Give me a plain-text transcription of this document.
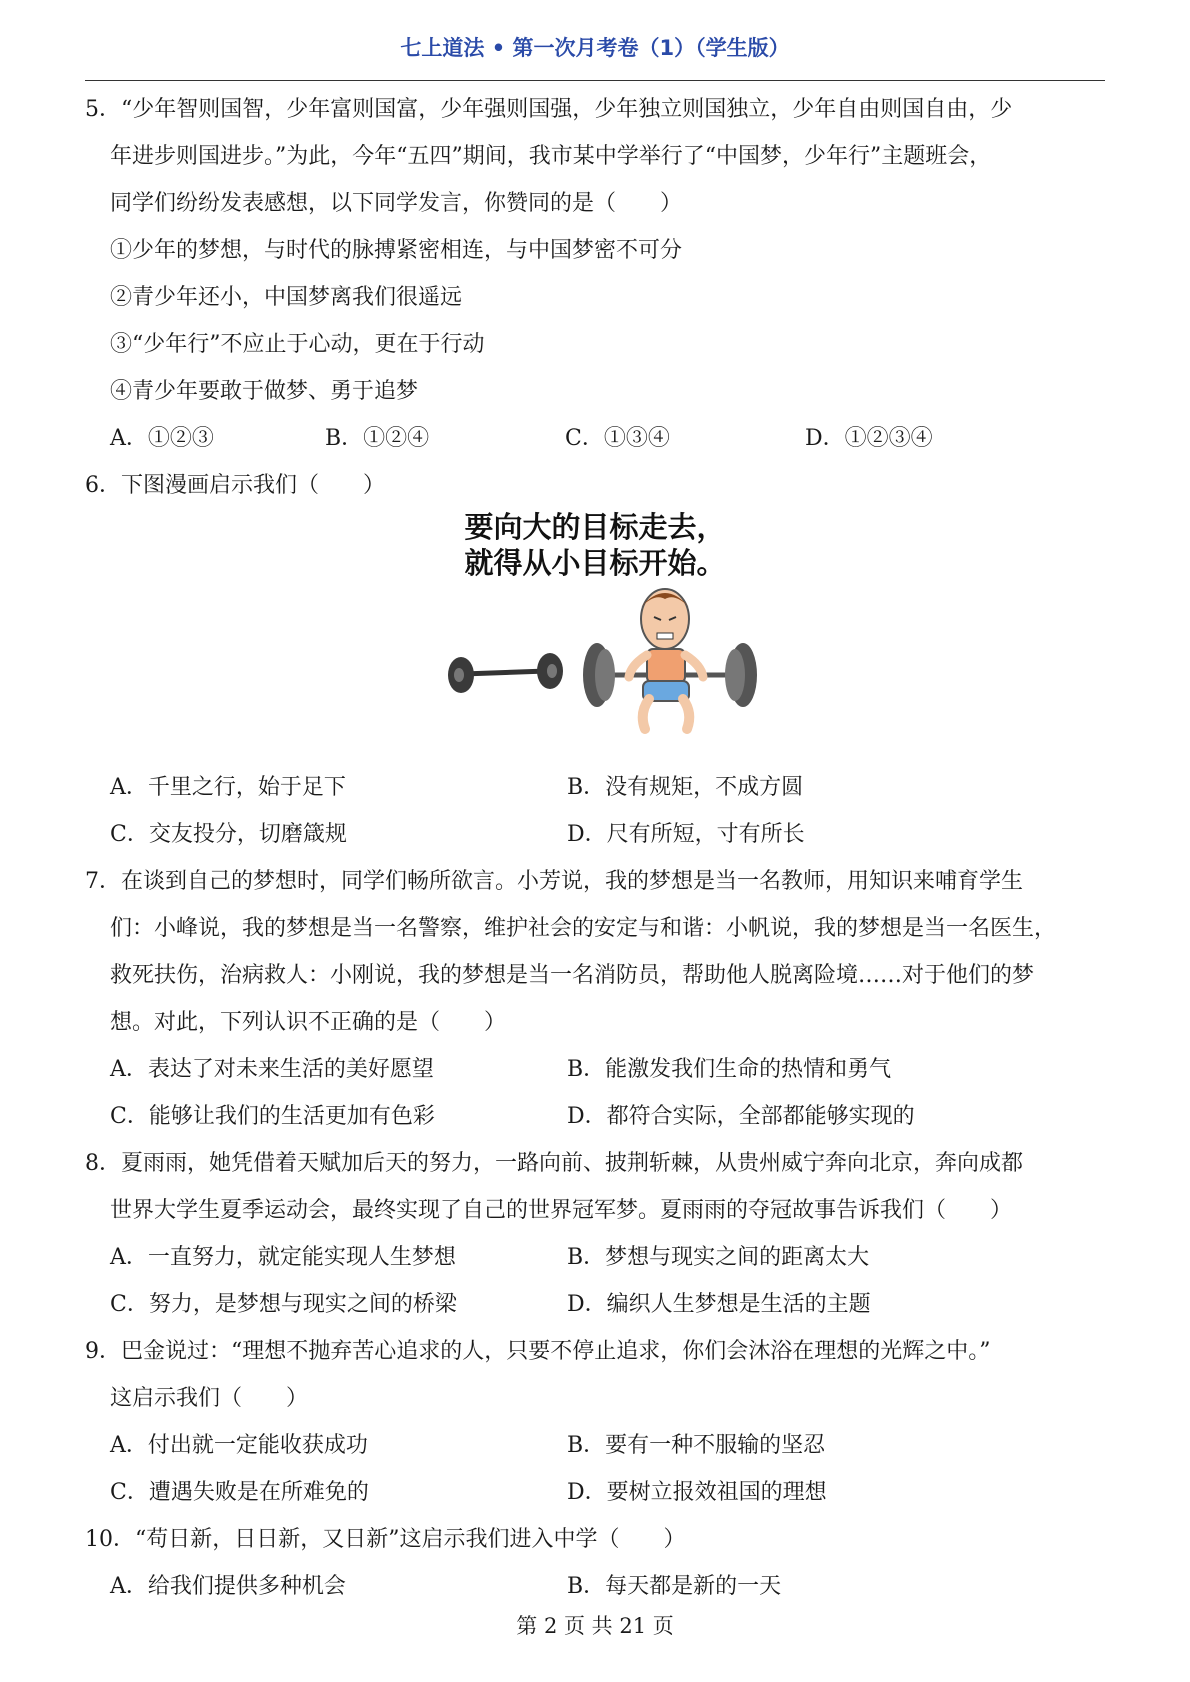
七上道法 • 第一次月考卷（1）（学生版）
5．“少年智则国智，少年富则国富，少年强则国强，少年独立则国独立，少年自由则国自由，少
年进步则国进步。”为此，今年“五四”期间，我市某中学举行了“中国梦，少年行”主题班会，
同学们纷纷发表感想，以下同学发言，你赞同的是（　　）
①少年的梦想，与时代的脉搏紧密相连，与中国梦密不可分
②青少年还小，中国梦离我们很遥远
③“少年行”不应止于心动，更在于行动
④青少年要敢于做梦、勇于追梦
A．①②③	B．①②④	C．①③④	D．①②③④
6．下图漫画启示我们（　　）
要向大的目标走去，
就得从小目标开始。
A．千里之行，始于足下	B．没有规矩，不成方圆
C．交友投分，切磨箴规	D．尺有所短，寸有所长
7．在谈到自己的梦想时，同学们畅所欲言。小芳说，我的梦想是当一名教师，用知识来哺育学生
们：小峰说，我的梦想是当一名警察，维护社会的安定与和谐：小帆说，我的梦想是当一名医生，
救死扶伤，治病救人：小刚说，我的梦想是当一名消防员，帮助他人脱离险境……对于他们的梦
想。对此，下列认识不正确的是（　　）
A．表达了对未来生活的美好愿望	B．能激发我们生命的热情和勇气
C．能够让我们的生活更加有色彩	D．都符合实际，全部都能够实现的
8．夏雨雨，她凭借着天赋加后天的努力，一路向前、披荆斩棘，从贵州威宁奔向北京，奔向成都
世界大学生夏季运动会，最终实现了自己的世界冠军梦。夏雨雨的夺冠故事告诉我们（　　）
A．一直努力，就定能实现人生梦想	B．梦想与现实之间的距离太大
C．努力，是梦想与现实之间的桥梁	D．编织人生梦想是生活的主题
9．巴金说过：“理想不抛弃苦心追求的人，只要不停止追求，你们会沐浴在理想的光辉之中。”
这启示我们（　　）
A．付出就一定能收获成功	B．要有一种不服输的坚忍
C．遭遇失败是在所难免的	D．要树立报效祖国的理想
10．“苟日新，日日新，又日新”这启示我们进入中学（　　）
A．给我们提供多种机会	B．每天都是新的一天
第 2 页 共 21 页
